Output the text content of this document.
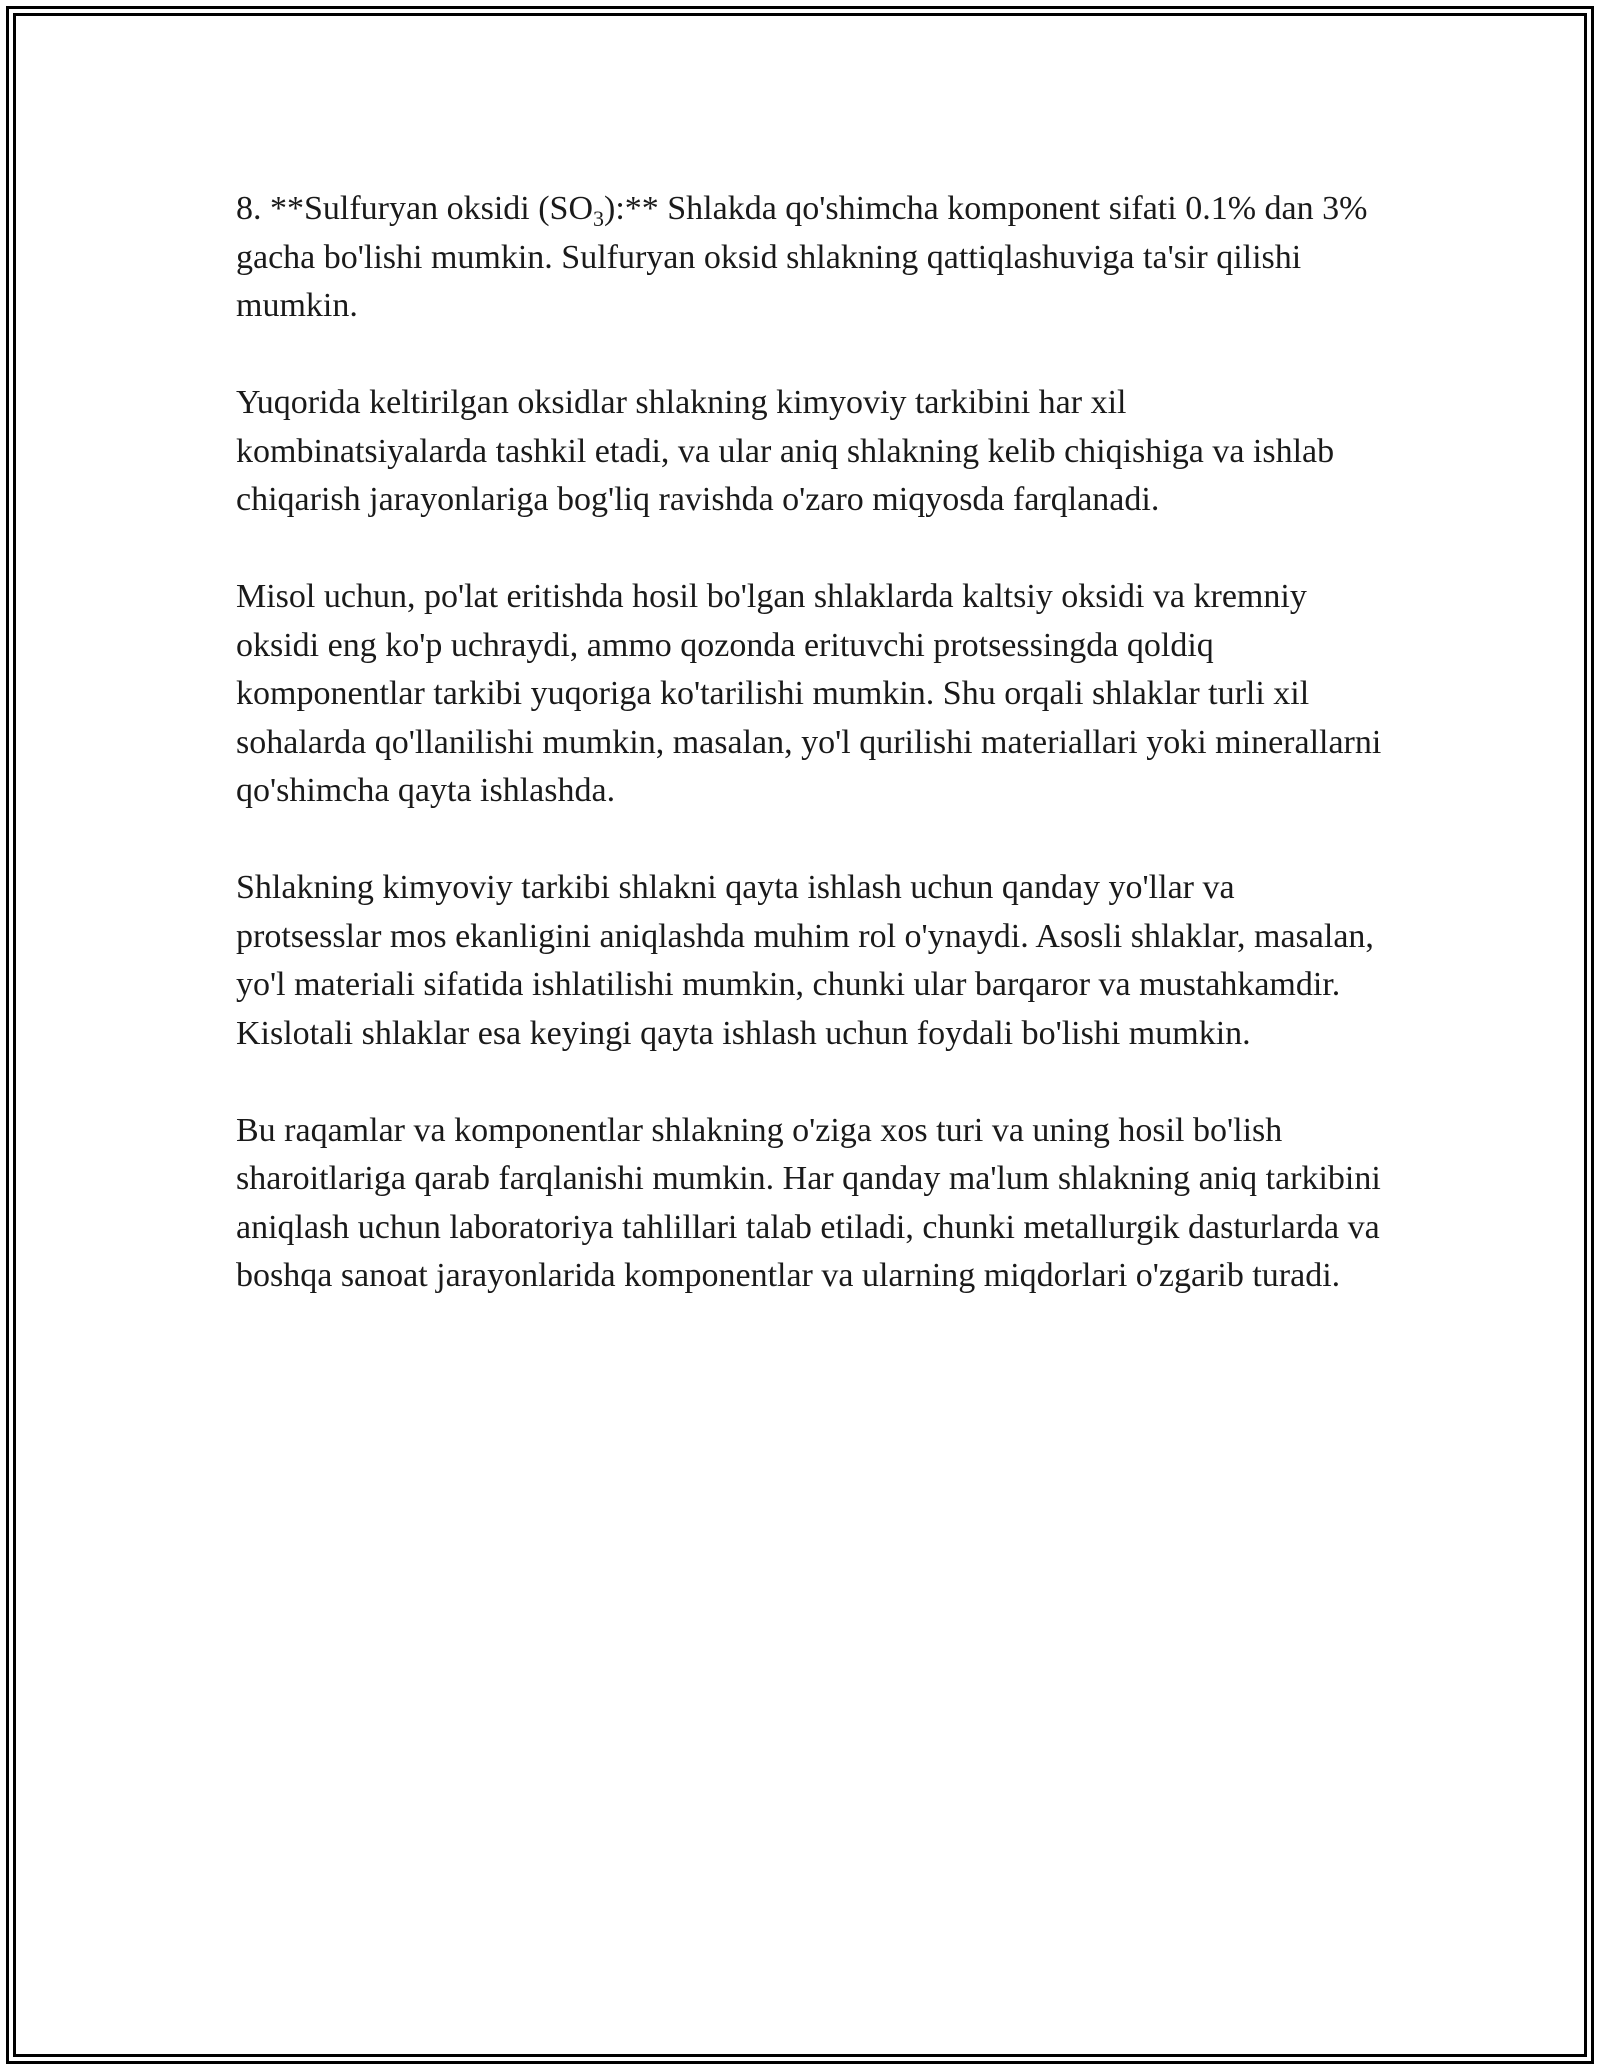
8. **Sulfuryan oksidi $(SO_3):**$ Shlakda qo'shimcha komponent sifati 0.1% dan 3% gacha bo'lishi mumkin. Sulfuryan oksid shlakning qattiqlashuviga ta'sir qilishi mumkin.

Yuqorida keltirilgan oksidlar shlakning kimyoviy tarkibini har xil kombinatsiyalarda tashkil etadi, va ular aniq shlakning kelib chiqishiga va ishlab chiqarish jarayonlariga bog'liq ravishda o'zaro miqyosda farqlanadi.

Misol uchun, po'lat eritishda hosil bo'lgan shlaklarda kaltsiy oksidi va kremniy oksidi eng ko'p uchraydi, ammo qozonda erituvchi protsessingda qoldiq komponentlar tarkibi yuqoriga ko'tarilishi mumkin. Shu orqali shlaklar turli xil sohalarda qo'llanilishi mumkin, masalan, yo'l qurilishi materiallari yoki minerallarni qo'shimcha qayta ishlashda.

Shlakning kimyoviy tarkibi shlakni qayta ishlash uchun qanday yo'llar va protsesslar mos ekanligini aniqlashda muhim rol o'ynaydi. Asosli shlaklar, masalan, yo'l materiali sifatida ishlatilishi mumkin, chunki ular barqaror va mustahkamdir. Kislotali shlaklar esa keyingi qayta ishlash uchun foydali bo'lishi mumkin.

Bu raqamlar va komponentlar shlakning o'ziga xos turi va uning hosil bo'lish sharoitlariga qarab farqlanishi mumkin. Har qanday ma'lum shlakning aniq tarkibini aniqlash uchun laboratoriya tahlillari talab etiladi, chunki metallurgik dasturlarda va boshqa sanoat jarayonlarida komponentlar va ularning miqdorlari o'zgarib turadi.
